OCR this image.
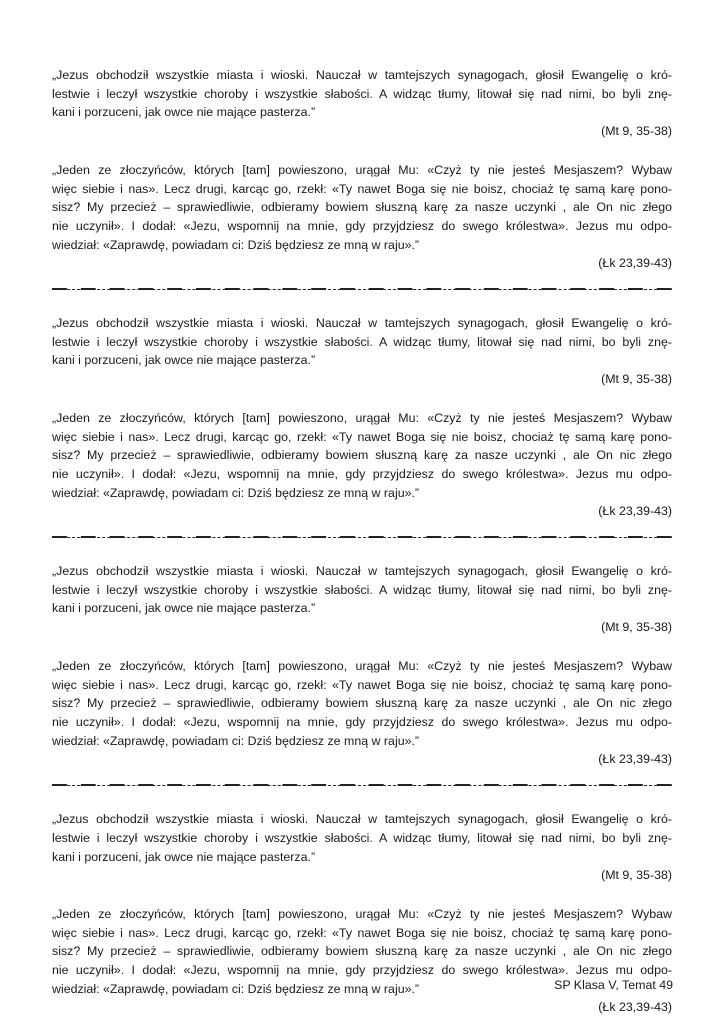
„Jezus obchodził wszystkie miasta i wioski. Nauczał w tamtejszych synagogach, głosił Ewangelię o kró-
lestwie i leczył wszystkie choroby i wszystkie słabości. A widząc tłumy, litował się nad nimi, bo byli znę-
kani i porzuceni, jak owce nie mające pasterza.”

(Mt 9, 35-38)

„Jeden ze złoczyńców, których [tam] powieszono, urągał Mu: «Czyż ty nie jesteś Mesjaszem? Wybaw
więc siebie i nas». Lecz drugi, karcąc go, rzekł: «Ty nawet Boga się nie boisz, chociaż tę samą karę pono-
sisz? My przecież – sprawiedliwie, odbieramy bowiem słuszną karę za nasze uczynki , ale On nic złego
nie uczynił». I dodał: «Jezu, wspomnij na mnie, gdy przyjdziesz do swego królestwa». Jezus mu odpo-
wiedział: «Zaprawdę, powiadam ci: Dziś będziesz ze mną w raju».”

(Łk 23,39-43)

„Jezus obchodził wszystkie miasta i wioski. Nauczał w tamtejszych synagogach, głosił Ewangelię o kró-
lestwie i leczył wszystkie choroby i wszystkie słabości. A widząc tłumy, litował się nad nimi, bo byli znę-
kani i porzuceni, jak owce nie mające pasterza.”

(Mt 9, 35-38)

„Jeden ze złoczyńców, których [tam] powieszono, urągał Mu: «Czyż ty nie jesteś Mesjaszem? Wybaw
więc siebie i nas». Lecz drugi, karcąc go, rzekł: «Ty nawet Boga się nie boisz, chociaż tę samą karę pono-
sisz? My przecież – sprawiedliwie, odbieramy bowiem słuszną karę za nasze uczynki , ale On nic złego
nie uczynił». I dodał: «Jezu, wspomnij na mnie, gdy przyjdziesz do swego królestwa». Jezus mu odpo-
wiedział: «Zaprawdę, powiadam ci: Dziś będziesz ze mną w raju».”

(Łk 23,39-43)

„Jezus obchodził wszystkie miasta i wioski. Nauczał w tamtejszych synagogach, głosił Ewangelię o kró-
lestwie i leczył wszystkie choroby i wszystkie słabości. A widząc tłumy, litował się nad nimi, bo byli znę-
kani i porzuceni, jak owce nie mające pasterza.”

(Mt 9, 35-38)

„Jeden ze złoczyńców, których [tam] powieszono, urągał Mu: «Czyż ty nie jesteś Mesjaszem? Wybaw
więc siebie i nas». Lecz drugi, karcąc go, rzekł: «Ty nawet Boga się nie boisz, chociaż tę samą karę pono-
sisz? My przecież – sprawiedliwie, odbieramy bowiem słuszną karę za nasze uczynki , ale On nic złego
nie uczynił». I dodał: «Jezu, wspomnij na mnie, gdy przyjdziesz do swego królestwa». Jezus mu odpo-
wiedział: «Zaprawdę, powiadam ci: Dziś będziesz ze mną w raju».”

(Łk 23,39-43)

„Jezus obchodził wszystkie miasta i wioski. Nauczał w tamtejszych synagogach, głosił Ewangelię o kró-
lestwie i leczył wszystkie choroby i wszystkie słabości. A widząc tłumy, litował się nad nimi, bo byli znę-
kani i porzuceni, jak owce nie mające pasterza.”

(Mt 9, 35-38)

„Jeden ze złoczyńców, których [tam] powieszono, urągał Mu: «Czyż ty nie jesteś Mesjaszem? Wybaw
więc siebie i nas». Lecz drugi, karcąc go, rzekł: «Ty nawet Boga się nie boisz, chociaż tę samą karę pono-
sisz? My przecież – sprawiedliwie, odbieramy bowiem słuszną karę za nasze uczynki , ale On nic złego
nie uczynił». I dodał: «Jezu, wspomnij na mnie, gdy przyjdziesz do swego królestwa». Jezus mu odpo-
wiedział: «Zaprawdę, powiadam ci: Dziś będziesz ze mną w raju».”

(Łk 23,39-43)

SP Klasa V, Temat 49
